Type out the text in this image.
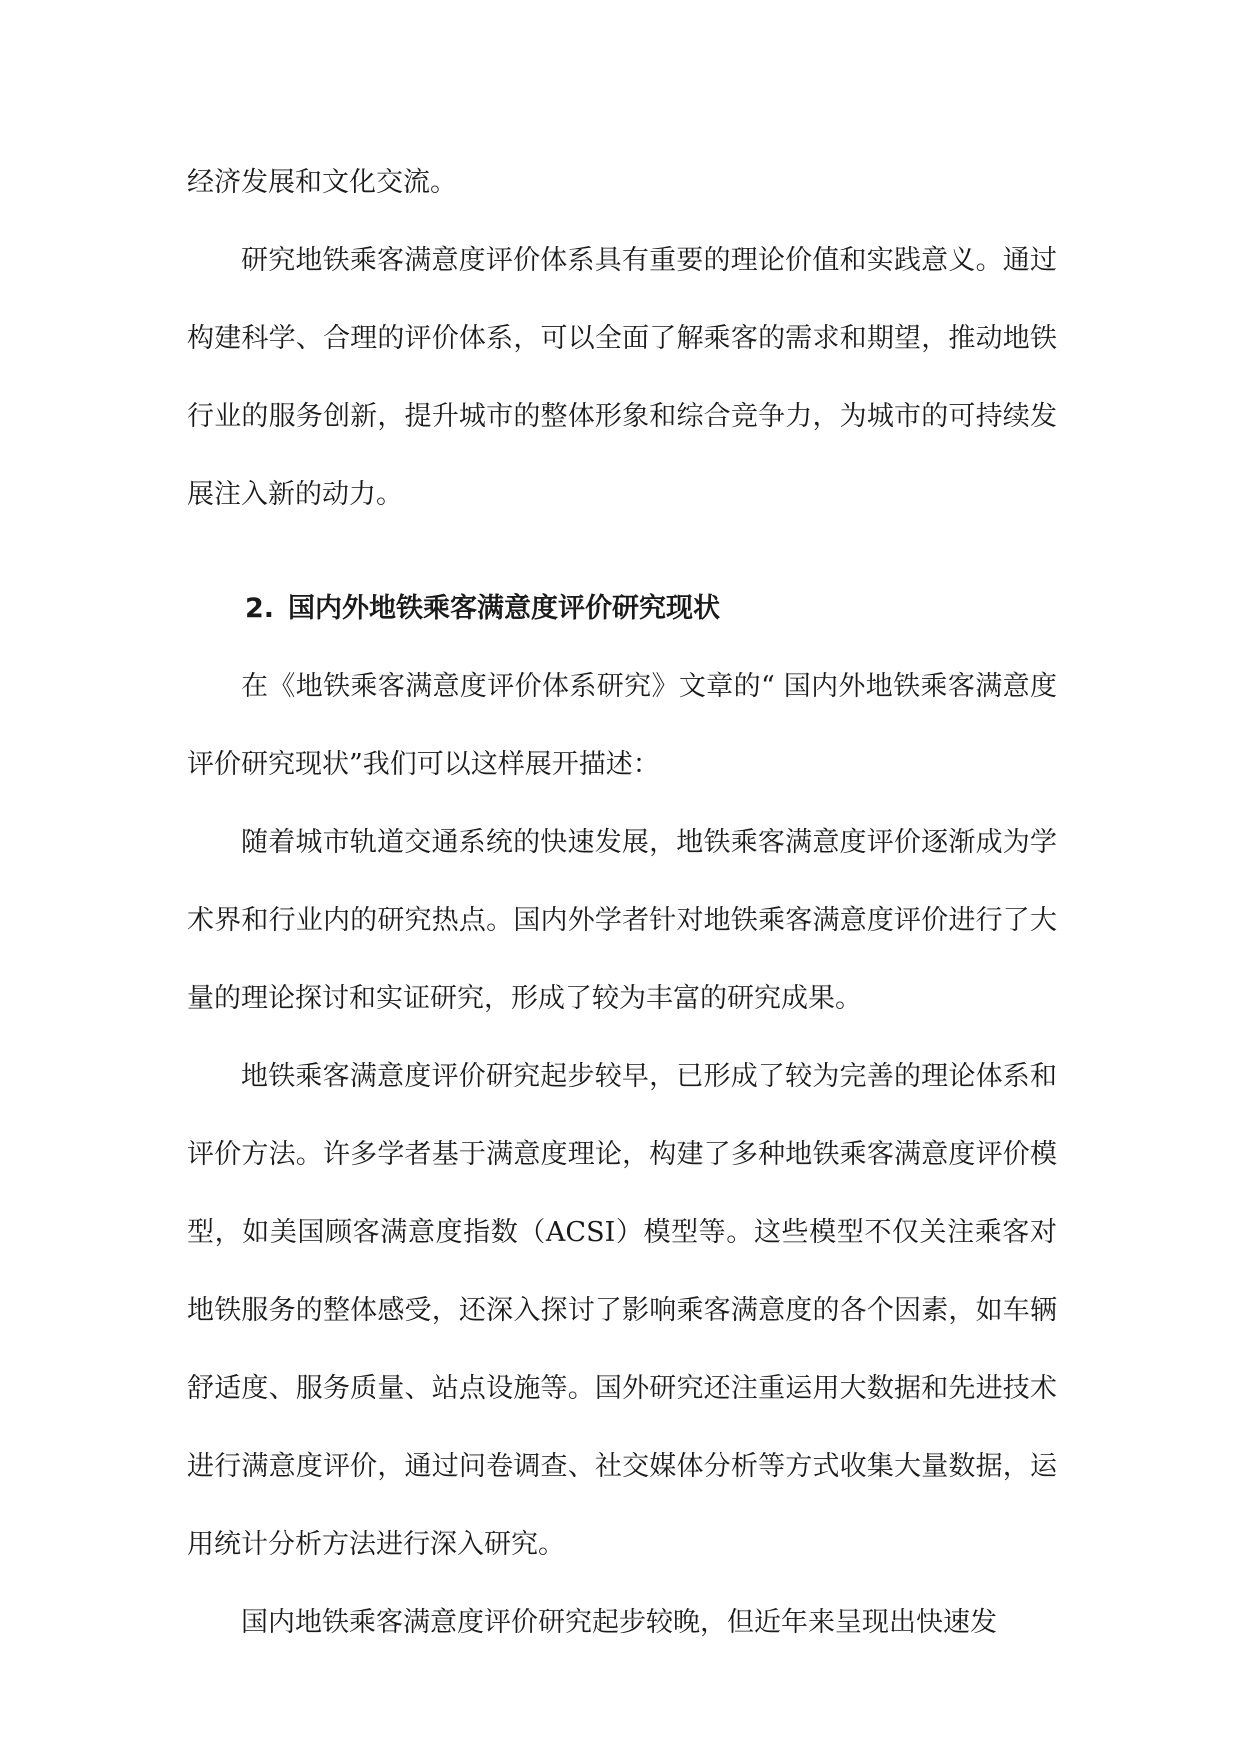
经济发展和文化交流。

研究地铁乘客满意度评价体系具有重要的理论价值和实践意义。通过构建科学、合理的评价体系，可以全面了解乘客的需求和期望，推动地铁行业的服务创新，提升城市的整体形象和综合竞争力，为城市的可持续发展注入新的动力。

2. 国内外地铁乘客满意度评价研究现状

在《地铁乘客满意度评价体系研究》文章的“ 国内外地铁乘客满意度评价研究现状”我们可以这样展开描述：

随着城市轨道交通系统的快速发展，地铁乘客满意度评价逐渐成为学术界和行业内的研究热点。国内外学者针对地铁乘客满意度评价进行了大量的理论探讨和实证研究，形成了较为丰富的研究成果。

地铁乘客满意度评价研究起步较早，已形成了较为完善的理论体系和评价方法。许多学者基于满意度理论，构建了多种地铁乘客满意度评价模型，如美国顾客满意度指数（ACSI）模型等。这些模型不仅关注乘客对地铁服务的整体感受，还深入探讨了影响乘客满意度的各个因素，如车辆舒适度、服务质量、站点设施等。国外研究还注重运用大数据和先进技术进行满意度评价，通过问卷调查、社交媒体分析等方式收集大量数据，运用统计分析方法进行深入研究。

国内地铁乘客满意度评价研究起步较晚，但近年来呈现出快速发
